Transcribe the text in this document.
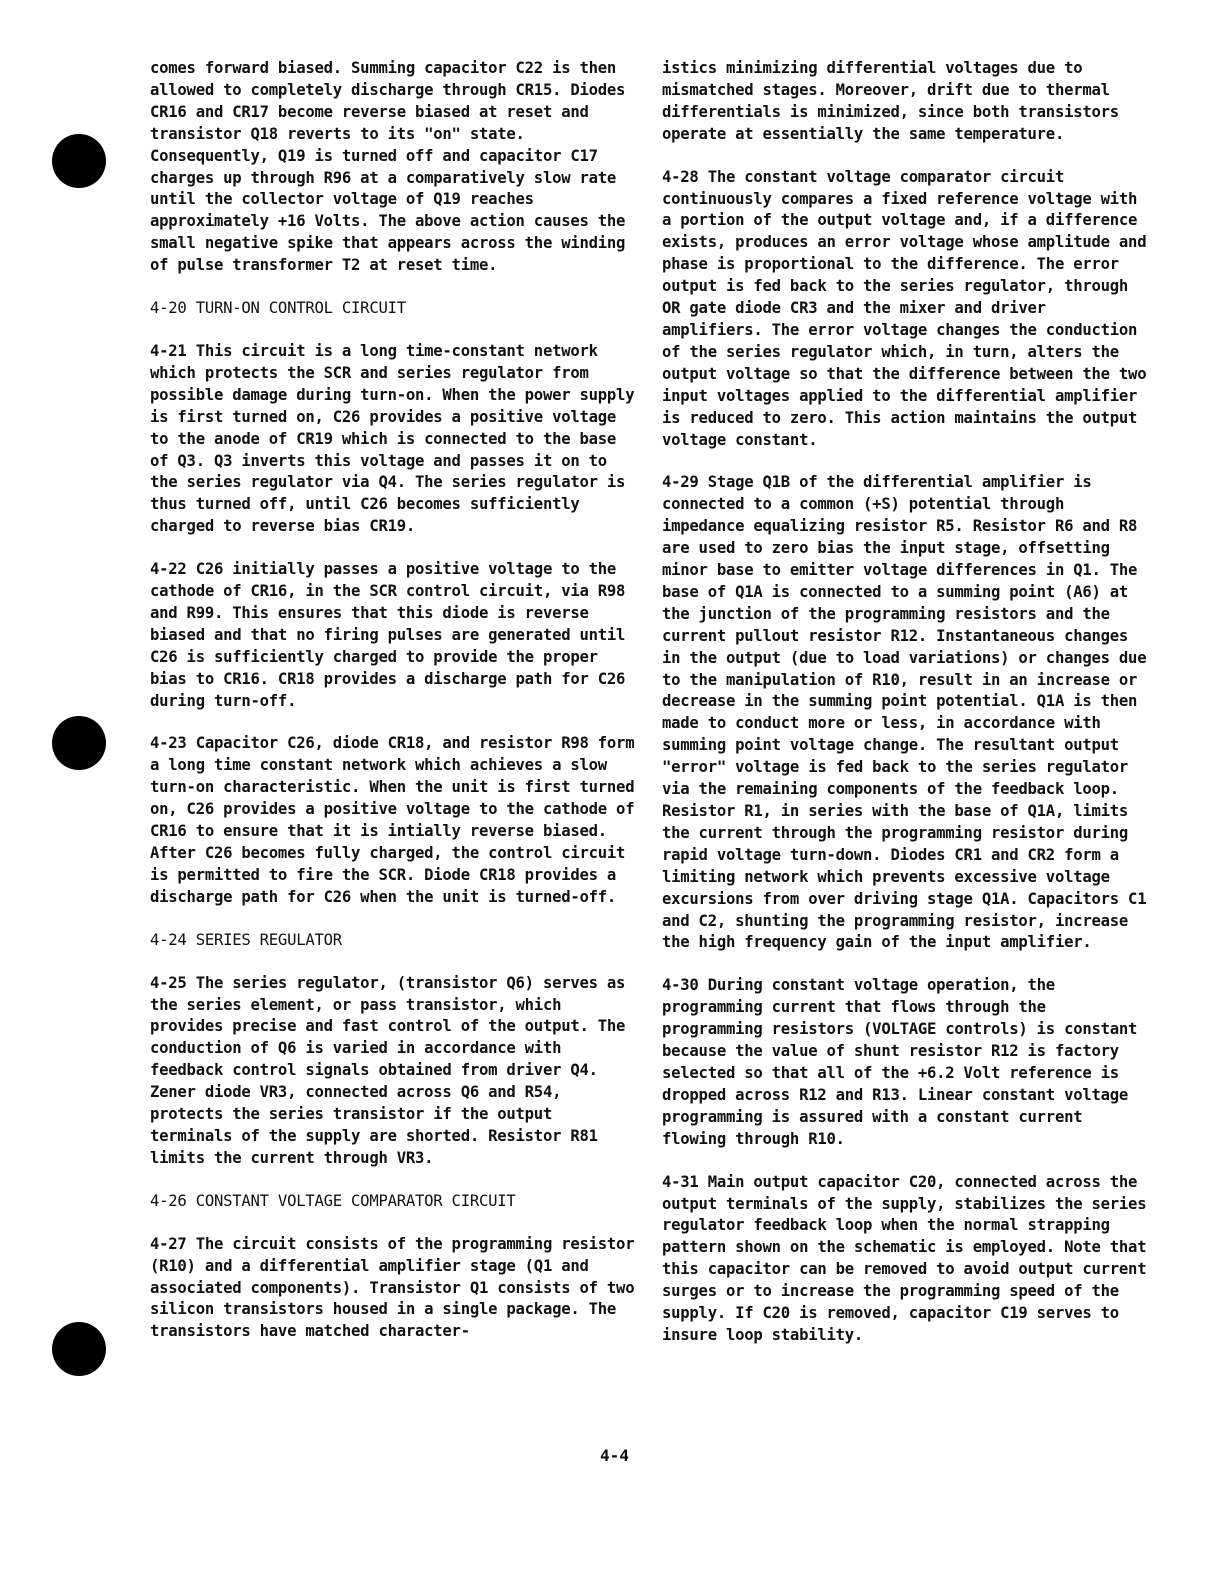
comes forward biased. Summing capacitor C22 is then allowed to completely discharge through CR15. Diodes CR16 and CR17 become reverse biased at reset and transistor Q18 reverts to its "on" state. Consequently, Q19 is turned off and capacitor C17 charges up through R96 at a comparatively slow rate until the collector voltage of Q19 reaches approximately +16 Volts. The above action causes the small negative spike that appears across the winding of pulse transformer T2 at reset time.

4-20 TURN-ON CONTROL CIRCUIT

4-21 This circuit is a long time-constant network which protects the SCR and series regulator from possible damage during turn-on. When the power supply is first turned on, C26 provides a positive voltage to the anode of CR19 which is connected to the base of Q3. Q3 inverts this voltage and passes it on to the series regulator via Q4. The series regulator is thus turned off, until C26 becomes sufficiently charged to reverse bias CR19.

4-22 C26 initially passes a positive voltage to the cathode of CR16, in the SCR control circuit, via R98 and R99. This ensures that this diode is reverse biased and that no firing pulses are generated until C26 is sufficiently charged to provide the proper bias to CR16. CR18 provides a discharge path for C26 during turn-off.

4-23 Capacitor C26, diode CR18, and resistor R98 form a long time constant network which achieves a slow turn-on characteristic. When the unit is first turned on, C26 provides a positive voltage to the cathode of CR16 to ensure that it is intially reverse biased. After C26 becomes fully charged, the control circuit is permitted to fire the SCR. Diode CR18 provides a discharge path for C26 when the unit is turned-off.

4-24 SERIES REGULATOR

4-25 The series regulator, (transistor Q6) serves as the series element, or pass transistor, which provides precise and fast control of the output. The conduction of Q6 is varied in accordance with feedback control signals obtained from driver Q4. Zener diode VR3, connected across Q6 and R54, protects the series transistor if the output terminals of the supply are shorted. Resistor R81 limits the current through VR3.

4-26 CONSTANT VOLTAGE COMPARATOR CIRCUIT

4-27 The circuit consists of the programming resistor (R10) and a differential amplifier stage (Q1 and associated components). Transistor Q1 consists of two silicon transistors housed in a single package. The transistors have matched character-

istics minimizing differential voltages due to mismatched stages. Moreover, drift due to thermal differentials is minimized, since both transistors operate at essentially the same temperature.

4-28 The constant voltage comparator circuit continuously compares a fixed reference voltage with a portion of the output voltage and, if a difference exists, produces an error voltage whose amplitude and phase is proportional to the difference. The error output is fed back to the series regulator, through OR gate diode CR3 and the mixer and driver amplifiers. The error voltage changes the conduction of the series regulator which, in turn, alters the output voltage so that the difference between the two input voltages applied to the differential amplifier is reduced to zero. This action maintains the output voltage constant.

4-29 Stage Q1B of the differential amplifier is connected to a common (+S) potential through impedance equalizing resistor R5. Resistor R6 and R8 are used to zero bias the input stage, offsetting minor base to emitter voltage differences in Q1. The base of Q1A is connected to a summing point (A6) at the junction of the programming resistors and the current pullout resistor R12. Instantaneous changes in the output (due to load variations) or changes due to the manipulation of R10, result in an increase or decrease in the summing point potential. Q1A is then made to conduct more or less, in accordance with summing point voltage change. The resultant output "error" voltage is fed back to the series regulator via the remaining components of the feedback loop. Resistor R1, in series with the base of Q1A, limits the current through the programming resistor during rapid voltage turn-down. Diodes CR1 and CR2 form a limiting network which prevents excessive voltage excursions from over driving stage Q1A. Capacitors C1 and C2, shunting the programming resistor, increase the high frequency gain of the input amplifier.

4-30 During constant voltage operation, the programming current that flows through the programming resistors (VOLTAGE controls) is constant because the value of shunt resistor R12 is factory selected so that all of the +6.2 Volt reference is dropped across R12 and R13. Linear constant voltage programming is assured with a constant current flowing through R10.

4-31 Main output capacitor C20, connected across the output terminals of the supply, stabilizes the series regulator feedback loop when the normal strapping pattern shown on the schematic is employed. Note that this capacitor can be removed to avoid output current surges or to increase the programming speed of the supply. If C20 is removed, capacitor C19 serves to insure loop stability.

4-4
